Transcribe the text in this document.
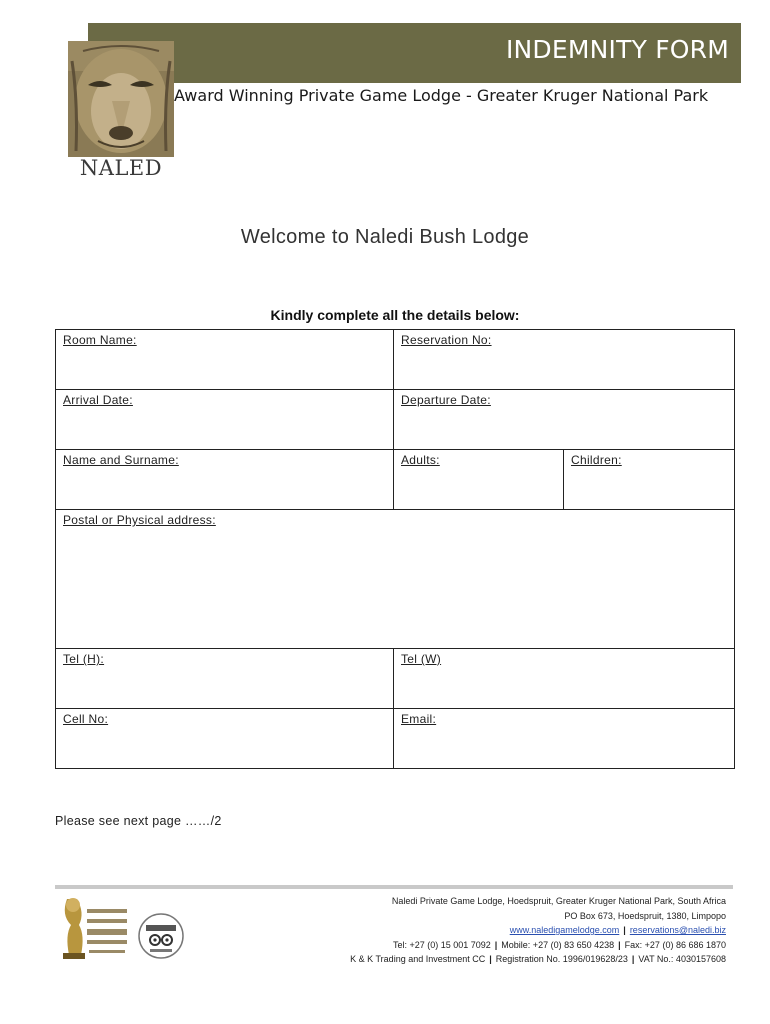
INDEMNITY FORM
NALED
Award Winning Private Game Lodge - Greater Kruger National Park
Welcome to Naledi Bush Lodge
Kindly complete all the details below:
Room Name:	Reservation No:	
Arrival Date:	Departure Date:	
Name and Surname:	Adults:	Children:
Postal or Physical address:		
Tel (H):	Tel (W)	
Cell No:	Email:	
Please see next page ……/2
Naledi Private Game Lodge, Hoedspruit, Greater Kruger National Park, South Africa
PO Box 673, Hoedspruit, 1380, Limpopo
www.naledigamelodge.com | reservations@naledi.biz
Tel: +27 (0) 15 001 7092 | Mobile: +27 (0) 83 650 4238 | Fax: +27 (0) 86 686 1870
K & K Trading and Investment CC | Registration No. 1996/019628/23 | VAT No.: 4030157608
